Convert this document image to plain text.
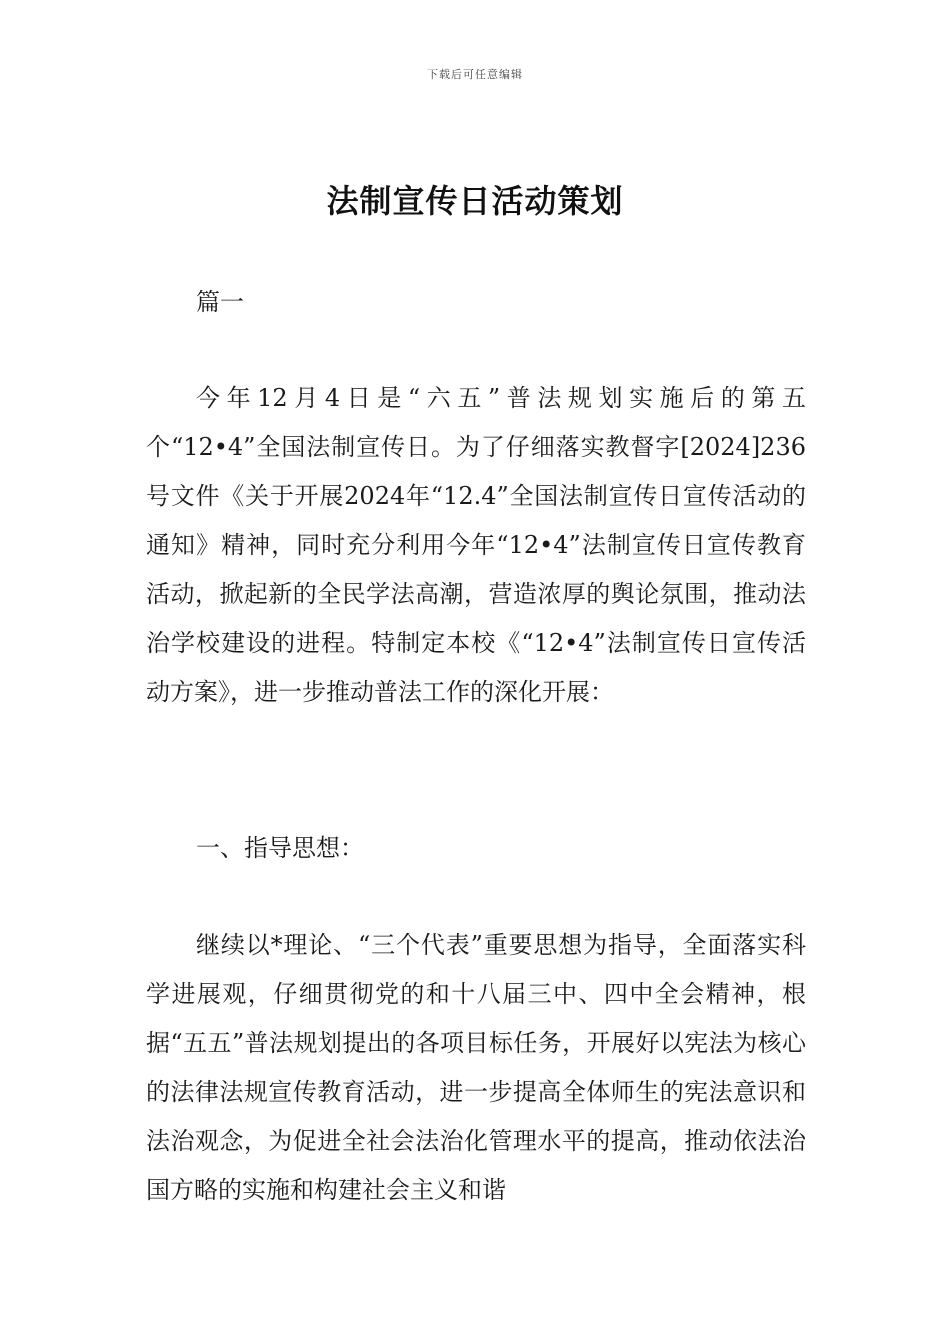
下载后可任意编辑
法制宣传日活动策划
篇一
今年12月4日是“六五”普法规划实施后的第五个“12•4”全国法制宣传日。为了仔细落实教督字[2024]236号文件《关于开展2024年“12.4”全国法制宣传日宣传活动的通知》精神，同时充分利用今年“12•4”法制宣传日宣传教育活动，掀起新的全民学法高潮，营造浓厚的舆论氛围，推动法治学校建设的进程。特制定本校《“12•4”法制宣传日宣传活动方案》，进一步推动普法工作的深化开展：
一、指导思想：
继续以*理论、“三个代表”重要思想为指导，全面落实科学进展观，仔细贯彻党的和十八届三中、四中全会精神，根据“五五”普法规划提出的各项目标任务，开展好以宪法为核心的法律法规宣传教育活动，进一步提高全体师生的宪法意识和法治观念，为促进全社会法治化管理水平的提高，推动依法治国方略的实施和构建社会主义和谐
